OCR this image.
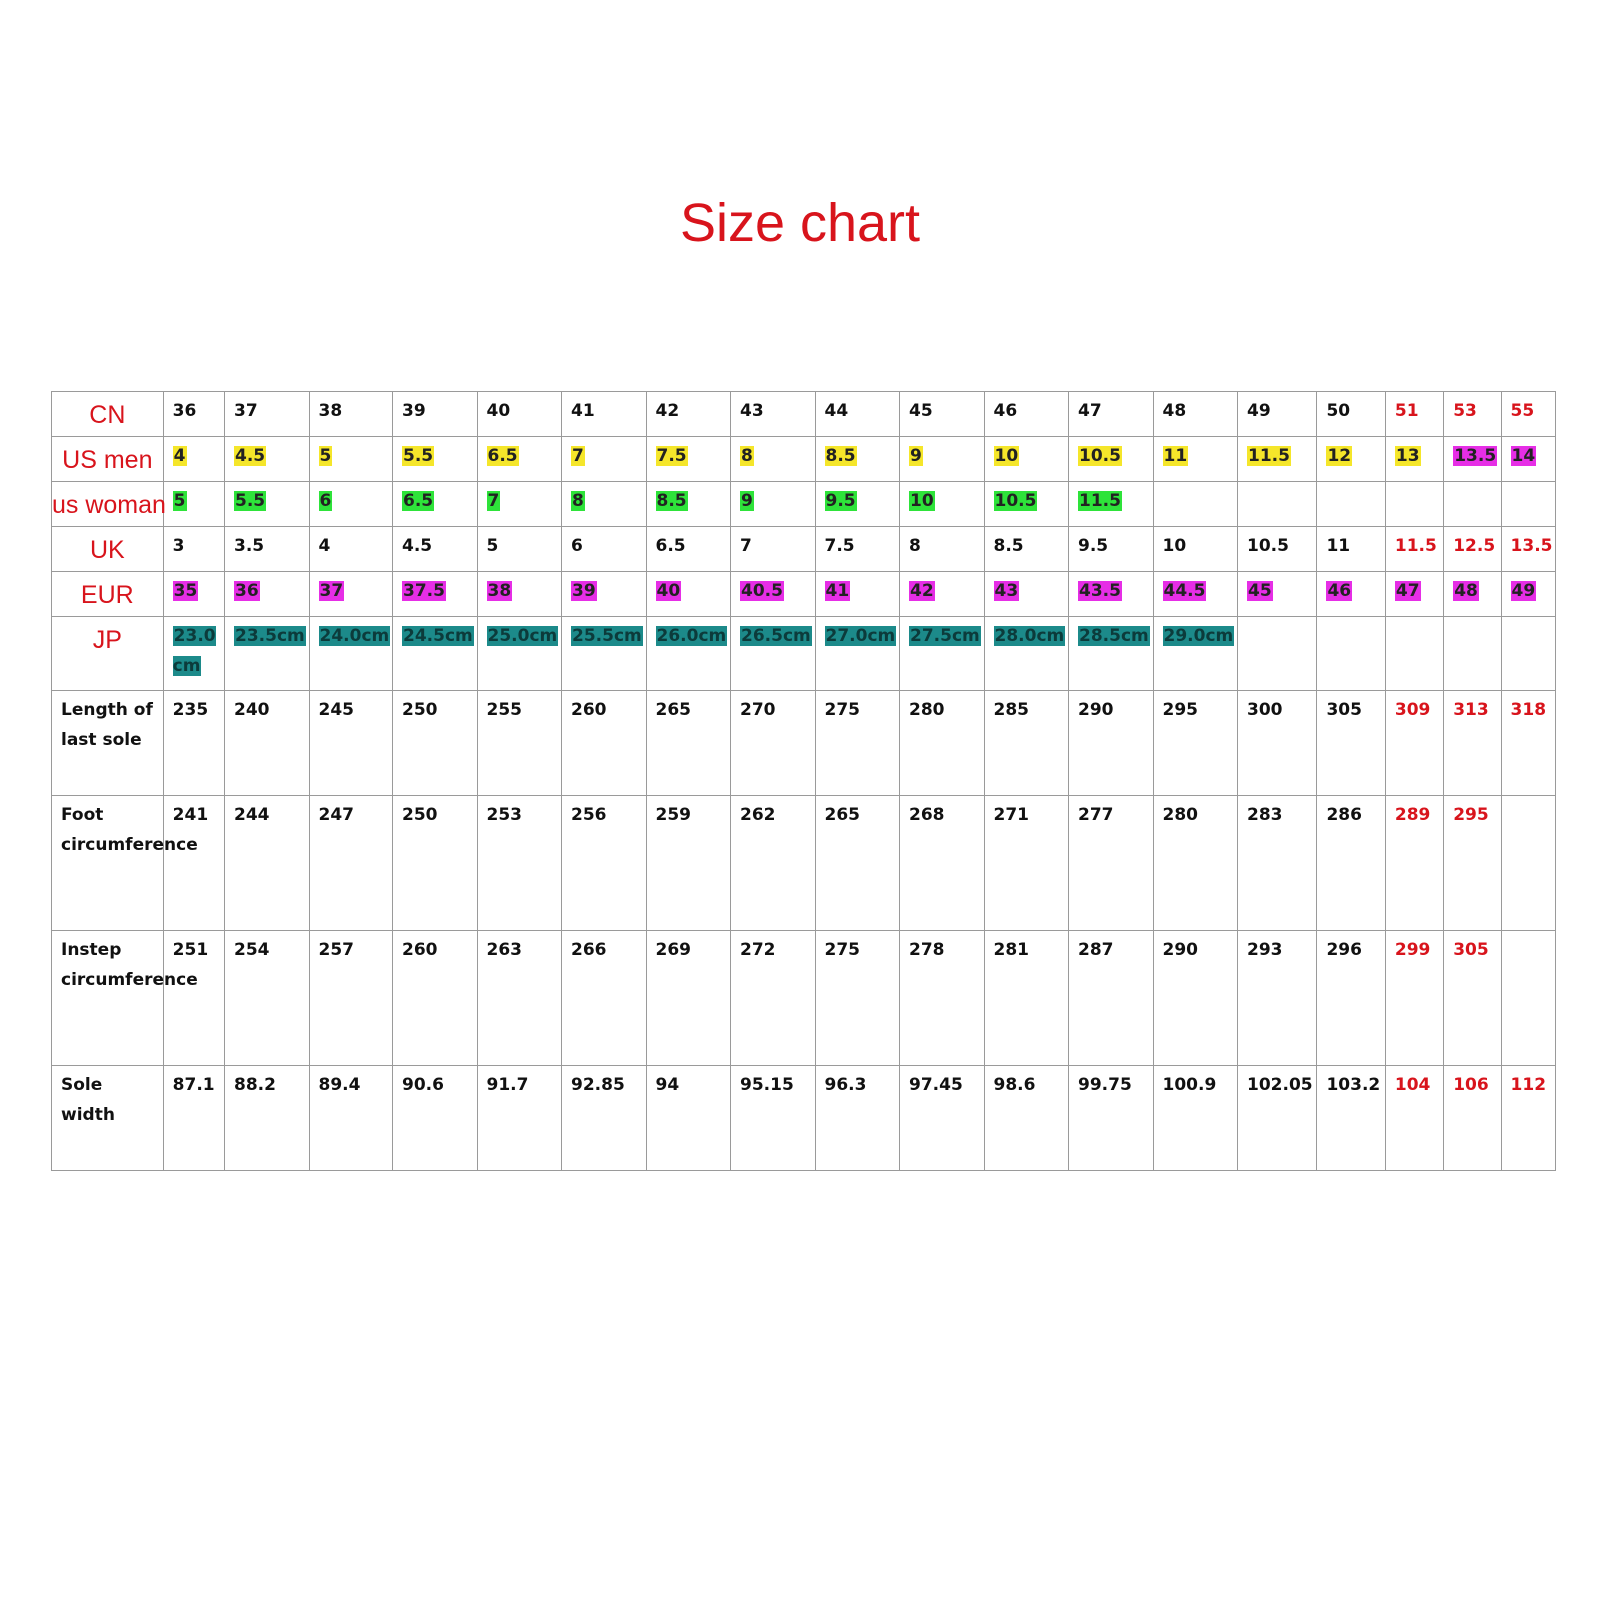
Size chart
CN	36	37	38	39	40	41	42	43	44	45	46	47	48	49	50	51	53	55
US men	4	4.5	5	5.5	6.5	7	7.5	8	8.5	9	10	10.5	11	11.5	12	13	13.5	14
us woman	5	5.5	6	6.5	7	8	8.5	9	9.5	10	10.5	11.5						
UK	3	3.5	4	4.5	5	6	6.5	7	7.5	8	8.5	9.5	10	10.5	11	11.5	12.5	13.5
EUR	35	36	37	37.5	38	39	40	40.5	41	42	43	43.5	44.5	45	46	47	48	49
JP	23.0 cm	23.5cm	24.0cm	24.5cm	25.0cm	25.5cm	26.0cm	26.5cm	27.0cm	27.5cm	28.0cm	28.5cm	29.0cm					
Length of last sole	235	240	245	250	255	260	265	270	275	280	285	290	295	300	305	309	313	318
Foot circumference	241	244	247	250	253	256	259	262	265	268	271	277	280	283	286	289	295	
Instep circumference	251	254	257	260	263	266	269	272	275	278	281	287	290	293	296	299	305	
Sole width	87.1	88.2	89.4	90.6	91.7	92.85	94	95.15	96.3	97.45	98.6	99.75	100.9	102.05	103.2	104	106	112
